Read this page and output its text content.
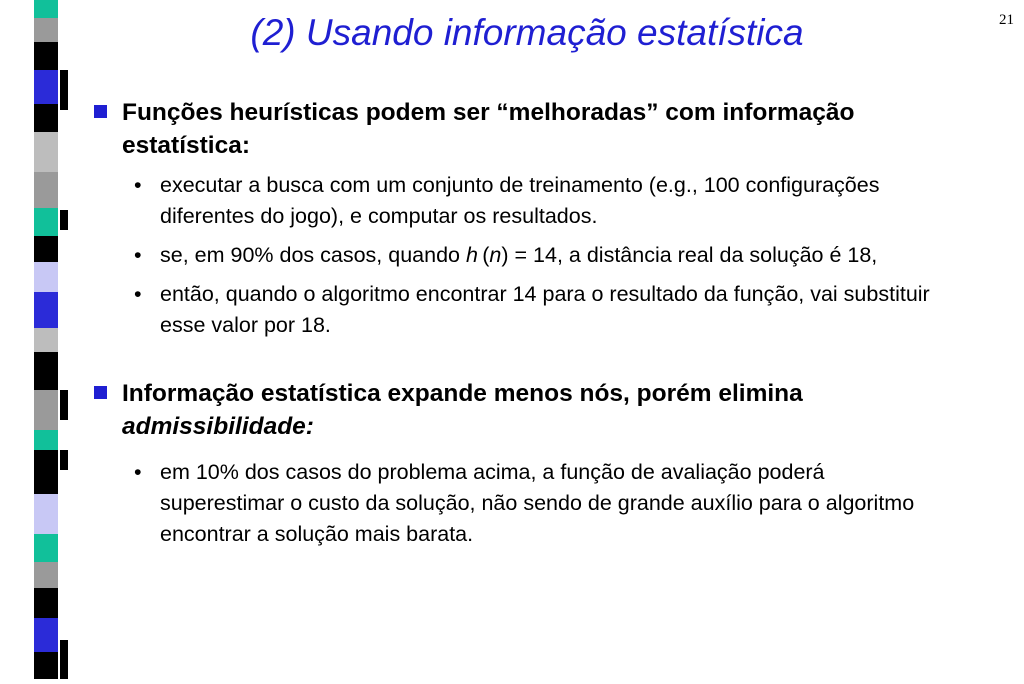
(2) Usando informação estatística	21
Funções heurísticas podem ser “melhoradas” com informação estatística:
• executar a busca com um conjunto de treinamento (e.g., 100 configurações diferentes do jogo), e computar os resultados.
• se, em 90% dos casos, quando h (n) = 14, a distância real da solução é 18,
• então, quando o algoritmo encontrar 14 para o resultado da função, vai substituir esse valor por 18.
Informação estatística expande menos nós, porém elimina admissibilidade:
• em 10% dos casos do problema acima, a função de avaliação poderá superestimar o custo da solução, não sendo de grande auxílio para o algoritmo encontrar a solução mais barata.
